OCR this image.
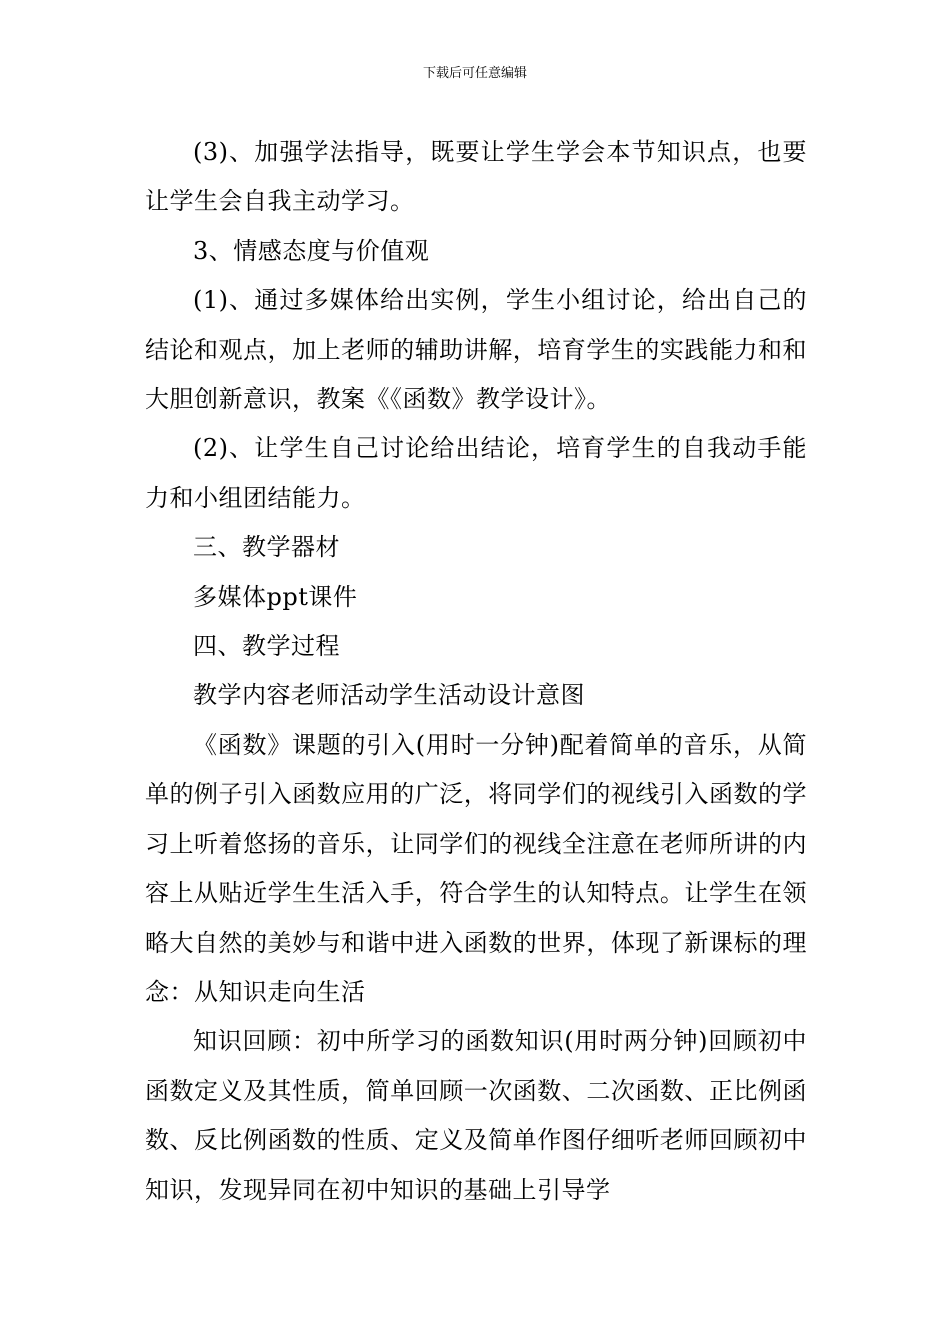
下载后可任意编辑

(3)、加强学法指导，既要让学生学会本节知识点，也要让学生会自我主动学习。

3、情感态度与价值观

(1)、通过多媒体给出实例，学生小组讨论，给出自己的结论和观点，加上老师的辅助讲解，培育学生的实践能力和和大胆创新意识，教案《《函数》教学设计》。

(2)、让学生自己讨论给出结论，培育学生的自我动手能力和小组团结能力。

三、教学器材

多媒体ppt课件

四、教学过程

教学内容老师活动学生活动设计意图

《函数》课题的引入(用时一分钟)配着简单的音乐，从简单的例子引入函数应用的广泛，将同学们的视线引入函数的学习上听着悠扬的音乐，让同学们的视线全注意在老师所讲的内容上从贴近学生生活入手，符合学生的认知特点。让学生在领略大自然的美妙与和谐中进入函数的世界，体现了新课标的理念：从知识走向生活

知识回顾：初中所学习的函数知识(用时两分钟)回顾初中函数定义及其性质，简单回顾一次函数、二次函数、正比例函数、反比例函数的性质、定义及简单作图仔细听老师回顾初中知识，发现异同在初中知识的基础上引导学
